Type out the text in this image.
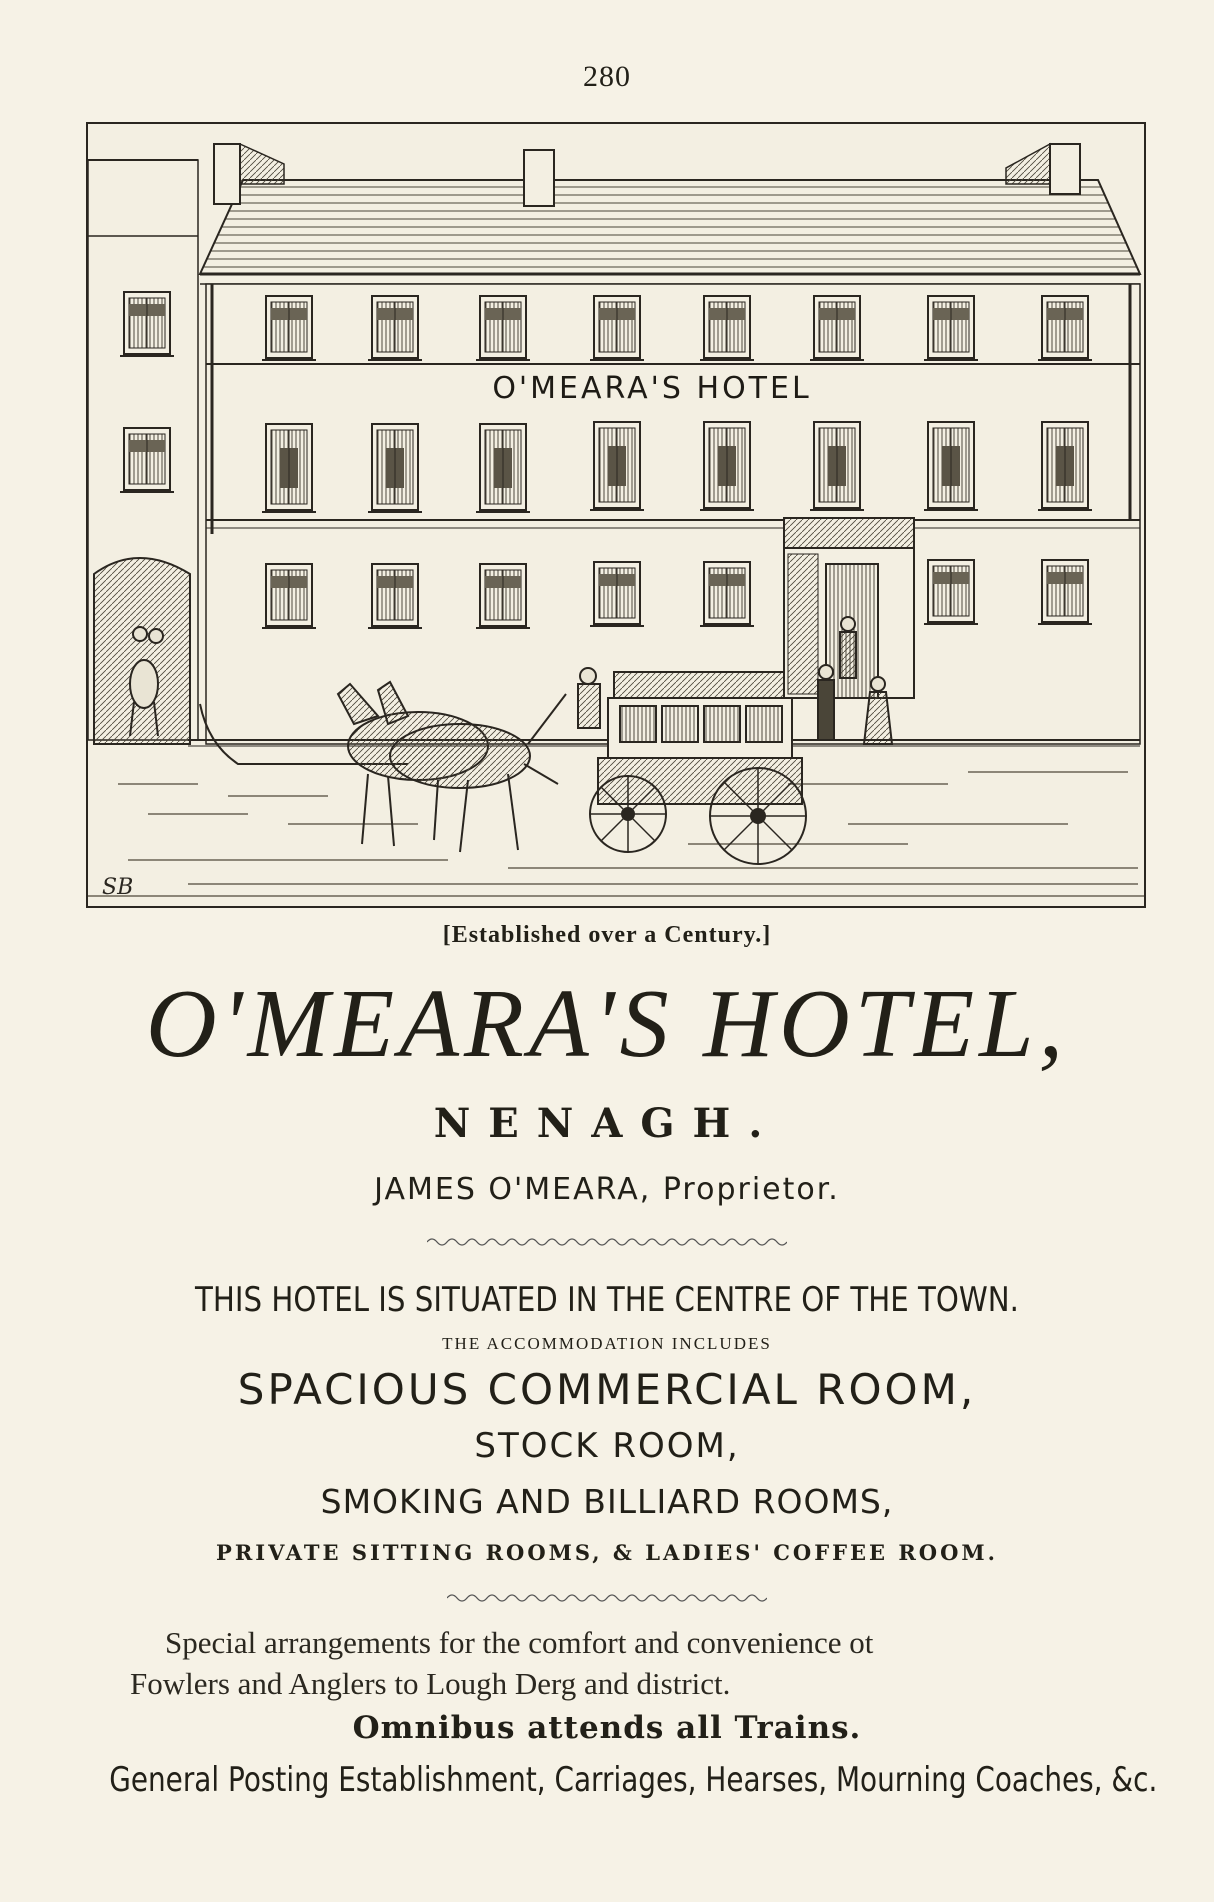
280
O'MEARA'S HOTEL
SB
[Established over a Century.]
O'MEARA'S HOTEL,
NENAGH.
JAMES O'MEARA, Proprietor.
THIS HOTEL IS SITUATED IN THE CENTRE OF THE TOWN.
THE ACCOMMODATION INCLUDES
SPACIOUS COMMERCIAL ROOM,
STOCK ROOM,
SMOKING AND BILLIARD ROOMS,
PRIVATE SITTING ROOMS, & LADIES' COFFEE ROOM.
Special arrangements for the comfort and convenience ot
Fowlers and Anglers to Lough Derg and district.
Omnibus attends all Trains.
General Posting Establishment, Carriages, Hearses, Mourning Coaches, &c.
